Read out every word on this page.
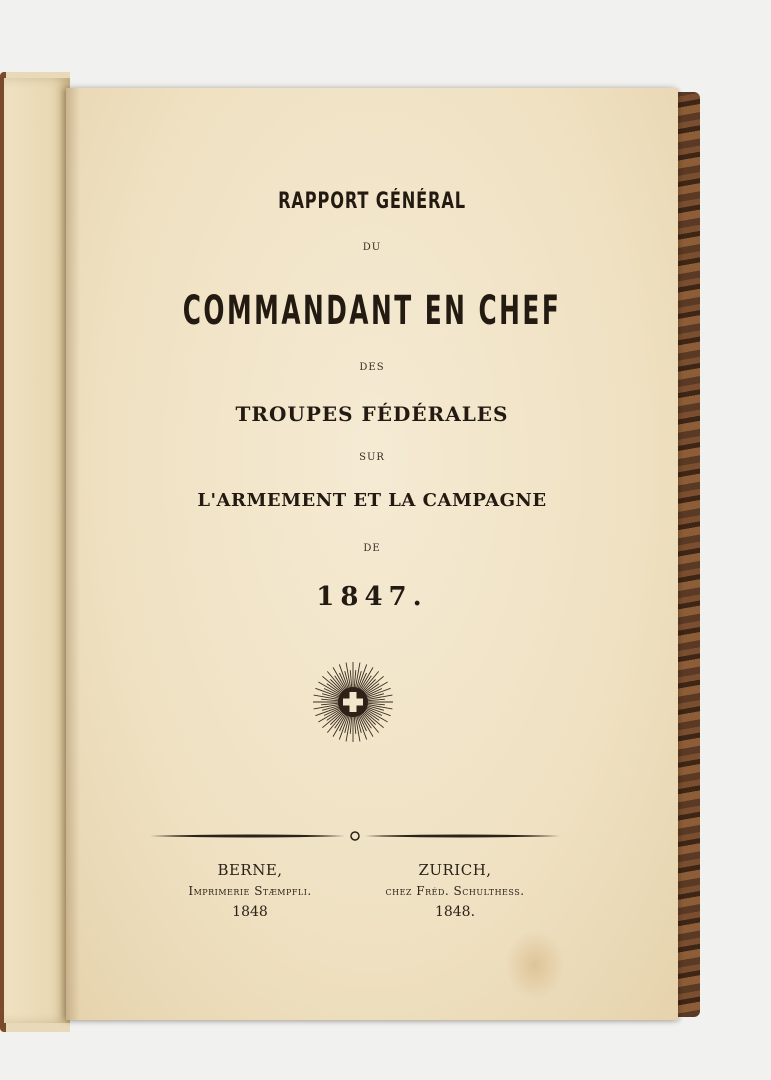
RAPPORT GÉNÉRAL
DU
COMMANDANT EN CHEF
DES
TROUPES FÉDÉRALES
SUR
L'ARMEMENT ET LA CAMPAGNE
DE
1847.
BERNE,
Imprimerie Stæmpfli.
1848
ZURICH,
chez Fréd. Schulthess.
1848.
